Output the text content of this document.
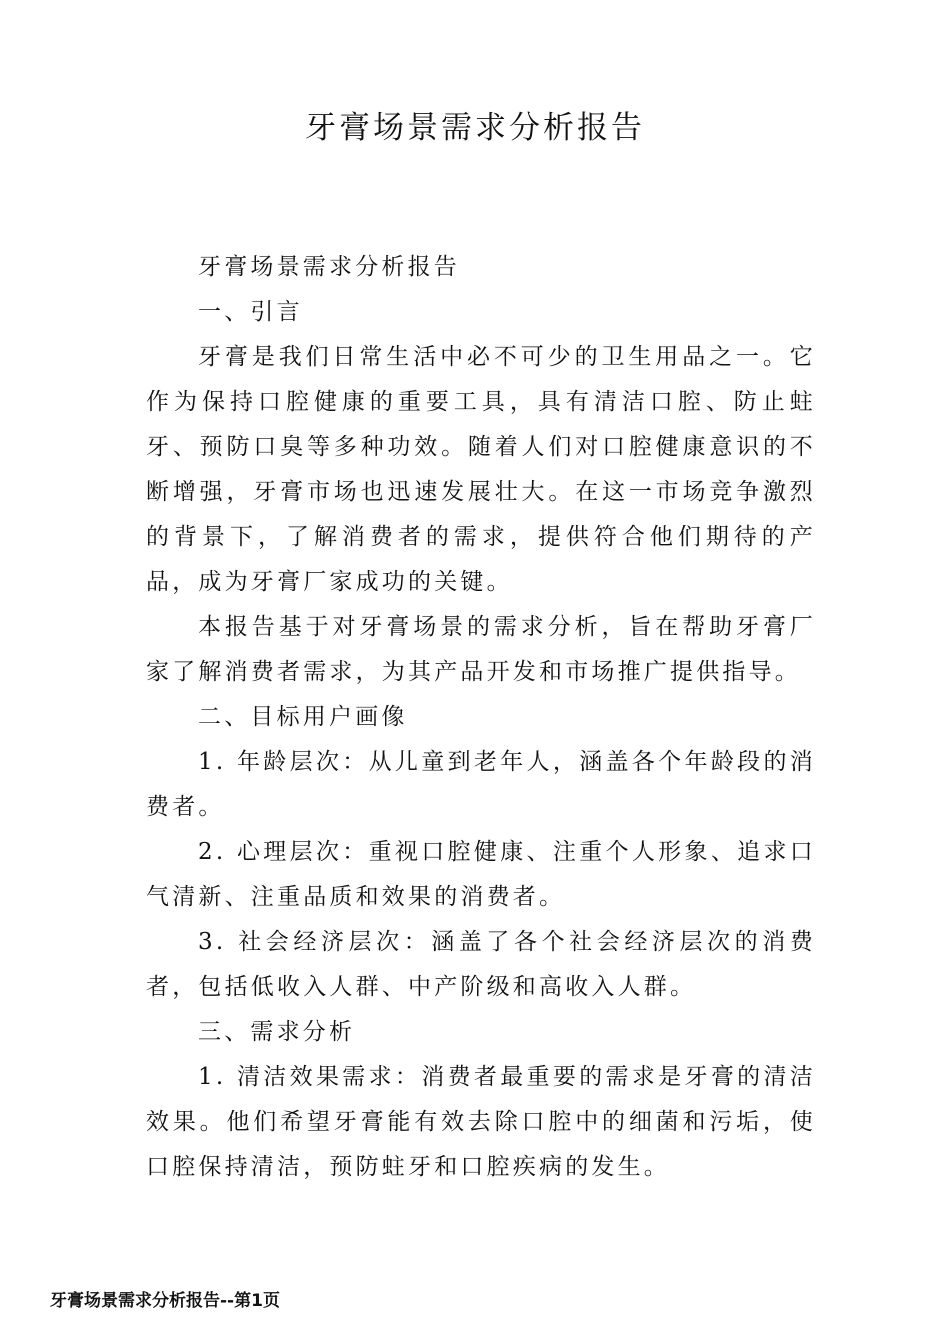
牙膏场景需求分析报告

牙膏场景需求分析报告

一、引言

牙膏是我们日常生活中必不可少的卫生用品之一。它作为保持口腔健康的重要工具，具有清洁口腔、防止蛀牙、预防口臭等多种功效。随着人们对口腔健康意识的不断增强，牙膏市场也迅速发展壮大。在这一市场竞争激烈的背景下，了解消费者的需求，提供符合他们期待的产品，成为牙膏厂家成功的关键。

本报告基于对牙膏场景的需求分析，旨在帮助牙膏厂家了解消费者需求，为其产品开发和市场推广提供指导。

二、目标用户画像

1. 年龄层次：从儿童到老年人，涵盖各个年龄段的消费者。

2. 心理层次：重视口腔健康、注重个人形象、追求口气清新、注重品质和效果的消费者。

3. 社会经济层次：涵盖了各个社会经济层次的消费者，包括低收入人群、中产阶级和高收入人群。

三、需求分析

1. 清洁效果需求：消费者最重要的需求是牙膏的清洁效果。他们希望牙膏能有效去除口腔中的细菌和污垢，使口腔保持清洁，预防蛀牙和口腔疾病的发生。

牙膏场景需求分析报告--第1页
